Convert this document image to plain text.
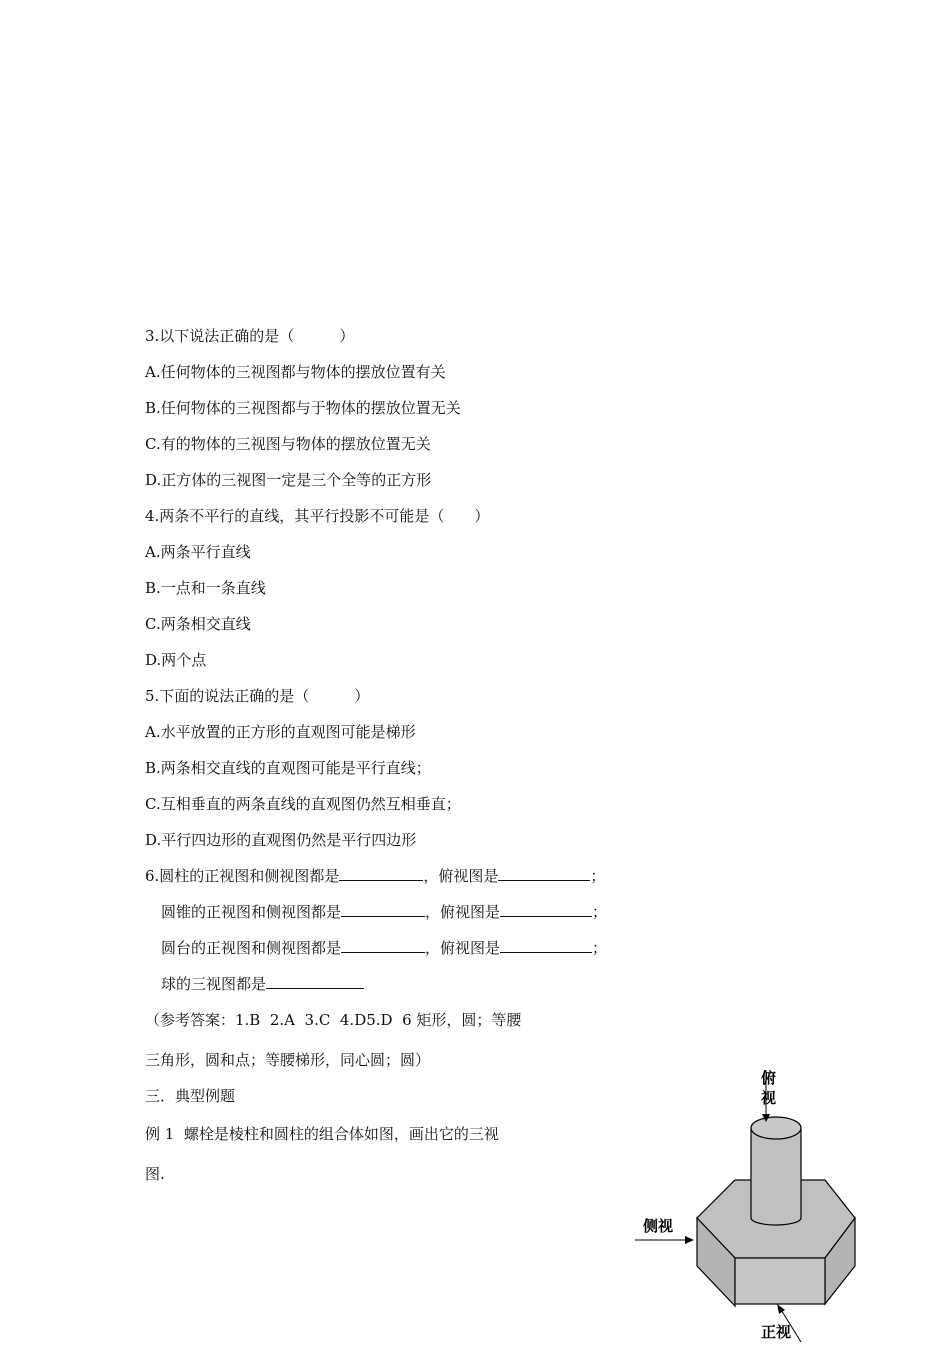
3.以下说法正确的是（　　　）
A.任何物体的三视图都与物体的摆放位置有关
B.任何物体的三视图都与于物体的摆放位置无关
C.有的物体的三视图与物体的摆放位置无关
D.正方体的三视图一定是三个全等的正方形
4.两条不平行的直线，其平行投影不可能是（　　）
A.两条平行直线
B.一点和一条直线
C.两条相交直线
D.两个点
5.下面的说法正确的是（　　　）
A.水平放置的正方形的直观图可能是梯形
B.两条相交直线的直观图可能是平行直线；
C.互相垂直的两条直线的直观图仍然互相垂直；
D.平行四边形的直观图仍然是平行四边形
6.圆柱的正视图和侧视图都是	，俯视图是	；
圆锥的正视图和侧视图都是	，俯视图是	；
圆台的正视图和侧视图都是	，俯视图是	；
球的三视图都是
（参考答案：1.B  2.A  3.C  4.D5.D  6 矩形，圆；等腰
三角形，圆和点；等腰梯形，同心圆；圆）
三．典型例题
例 1  螺栓是棱柱和圆柱的组合体如图，画出它的三视
图.
俯
视
侧视
正视
